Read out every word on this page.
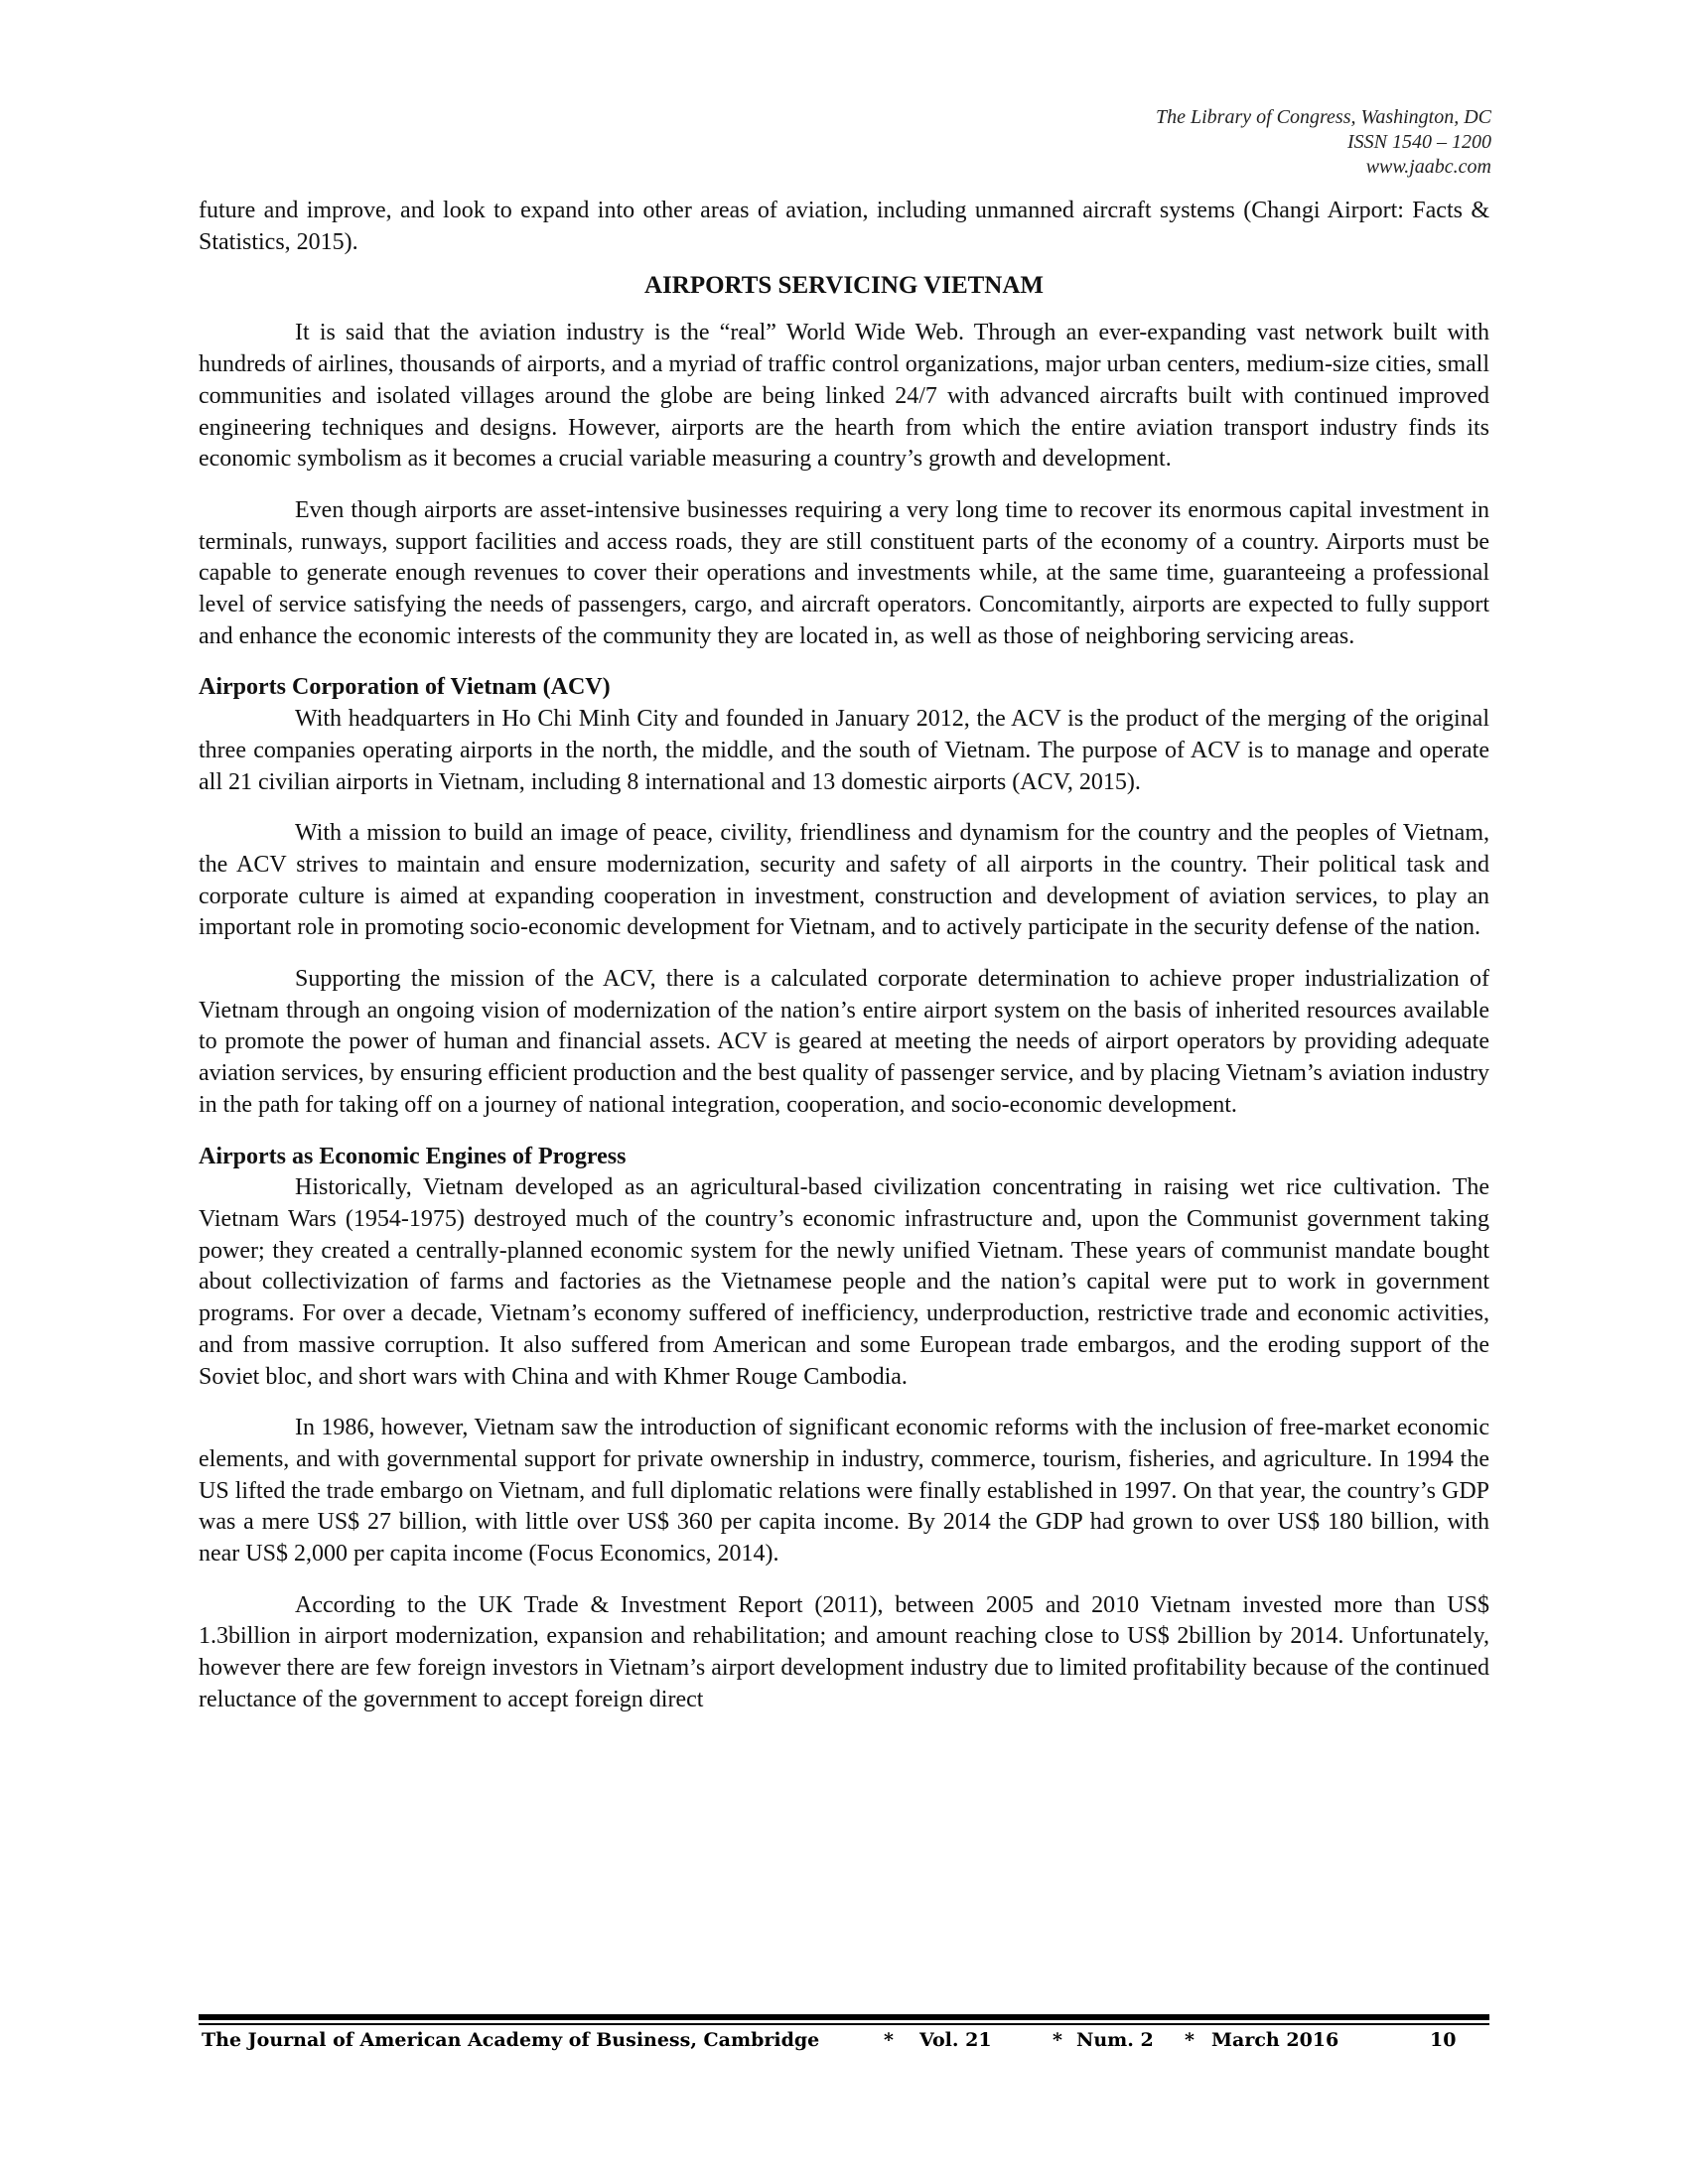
The Library of Congress, Washington, DC
ISSN 1540 – 1200
www.jaabc.com

future and improve, and look to expand into other areas of aviation, including unmanned aircraft systems (Changi Airport: Facts & Statistics, 2015).

AIRPORTS SERVICING VIETNAM

It is said that the aviation industry is the “real” World Wide Web. Through an ever-expanding vast network built with hundreds of airlines, thousands of airports, and a myriad of traffic control organizations, major urban centers, medium-size cities, small communities and isolated villages around the globe are being linked 24/7 with advanced aircrafts built with continued improved engineering techniques and designs. However, airports are the hearth from which the entire aviation transport industry finds its economic symbolism as it becomes a crucial variable measuring a country’s growth and development.

Even though airports are asset-intensive businesses requiring a very long time to recover its enormous capital investment in terminals, runways, support facilities and access roads, they are still constituent parts of the economy of a country. Airports must be capable to generate enough revenues to cover their operations and investments while, at the same time, guaranteeing a professional level of service satisfying the needs of passengers, cargo, and aircraft operators. Concomitantly, airports are expected to fully support and enhance the economic interests of the community they are located in, as well as those of neighboring servicing areas.

Airports Corporation of Vietnam (ACV)

With headquarters in Ho Chi Minh City and founded in January 2012, the ACV is the product of the merging of the original three companies operating airports in the north, the middle, and the south of Vietnam. The purpose of ACV is to manage and operate all 21 civilian airports in Vietnam, including 8 international and 13 domestic airports (ACV, 2015).

With a mission to build an image of peace, civility, friendliness and dynamism for the country and the peoples of Vietnam, the ACV strives to maintain and ensure modernization, security and safety of all airports in the country. Their political task and corporate culture is aimed at expanding cooperation in investment, construction and development of aviation services, to play an important role in promoting socio-economic development for Vietnam, and to actively participate in the security defense of the nation.

Supporting the mission of the ACV, there is a calculated corporate determination to achieve proper industrialization of Vietnam through an ongoing vision of modernization of the nation’s entire airport system on the basis of inherited resources available to promote the power of human and financial assets. ACV is geared at meeting the needs of airport operators by providing adequate aviation services, by ensuring efficient production and the best quality of passenger service, and by placing Vietnam’s aviation industry in the path for taking off on a journey of national integration, cooperation, and socio-economic development.

Airports as Economic Engines of Progress

Historically, Vietnam developed as an agricultural-based civilization concentrating in raising wet rice cultivation. The Vietnam Wars (1954-1975) destroyed much of the country’s economic infrastructure and, upon the Communist government taking power; they created a centrally-planned economic system for the newly unified Vietnam. These years of communist mandate bought about collectivization of farms and factories as the Vietnamese people and the nation’s capital were put to work in government programs. For over a decade, Vietnam’s economy suffered of inefficiency, underproduction, restrictive trade and economic activities, and from massive corruption. It also suffered from American and some European trade embargos, and the eroding support of the Soviet bloc, and short wars with China and with Khmer Rouge Cambodia.

In 1986, however, Vietnam saw the introduction of significant economic reforms with the inclusion of free-market economic elements, and with governmental support for private ownership in industry, commerce, tourism, fisheries, and agriculture. In 1994 the US lifted the trade embargo on Vietnam, and full diplomatic relations were finally established in 1997. On that year, the country’s GDP was a mere US$ 27 billion, with little over US$ 360 per capita income. By 2014 the GDP had grown to over US$ 180 billion, with near US$ 2,000 per capita income (Focus Economics, 2014).

According to the UK Trade & Investment Report (2011), between 2005 and 2010 Vietnam invested more than US$ 1.3billion in airport modernization, expansion and rehabilitation; and amount reaching close to US$ 2billion by 2014. Unfortunately, however there are few foreign investors in Vietnam’s airport development industry due to limited profitability because of the continued reluctance of the government to accept foreign direct

The Journal of American Academy of Business, Cambridge	* Vol. 21	* Num. 2 * March 2016	10
